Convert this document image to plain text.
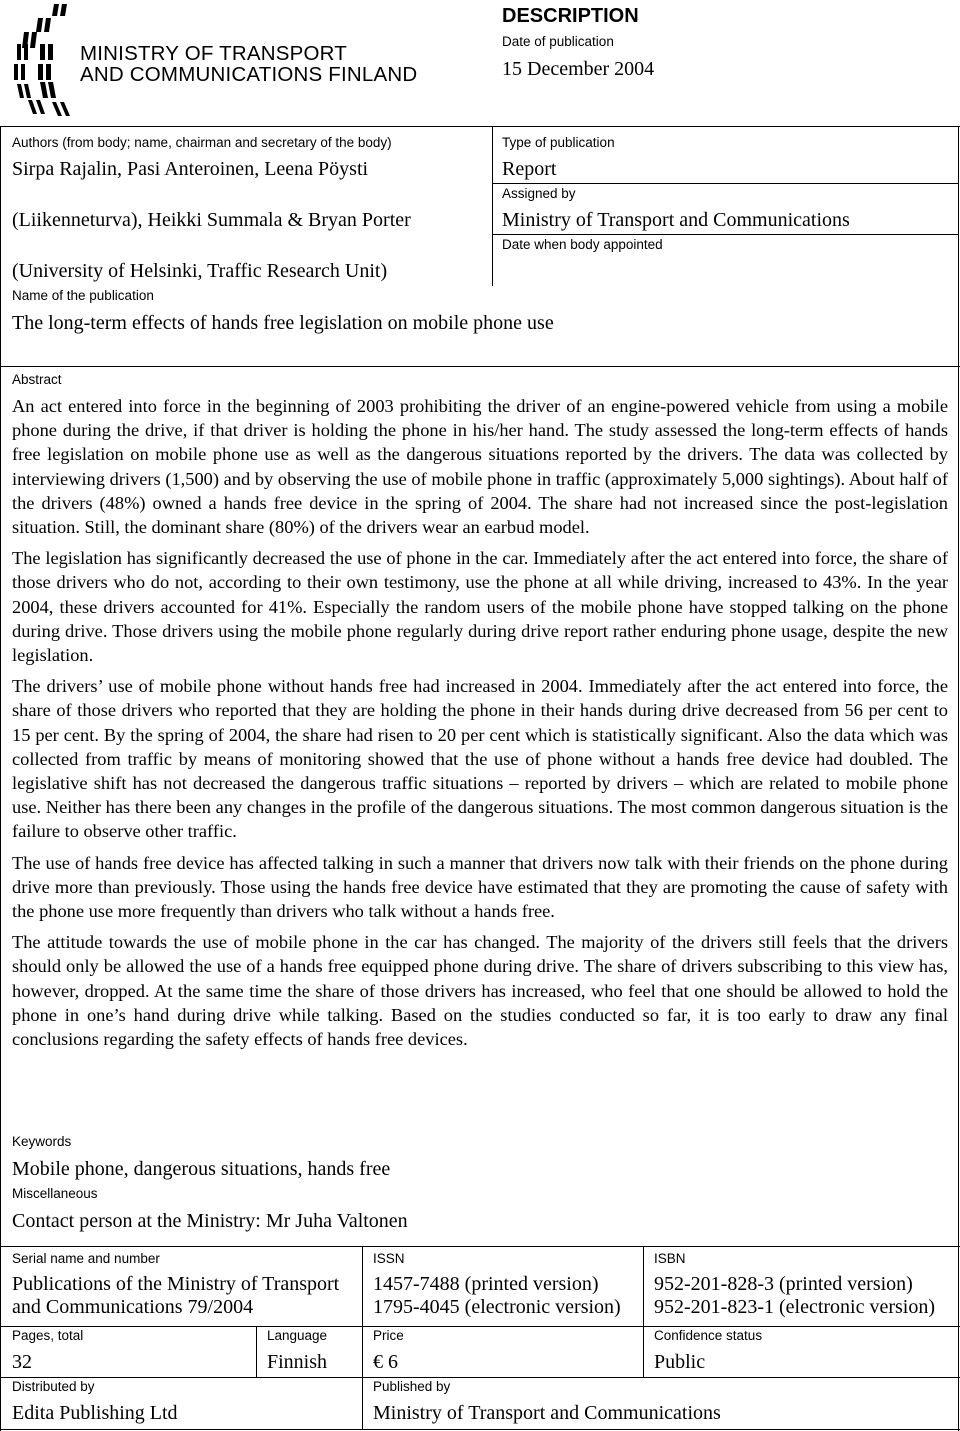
MINISTRY OF TRANSPORT
AND COMMUNICATIONS FINLAND
DESCRIPTION
Date of publication
15 December 2004
Authors (from body; name, chairman and secretary of the body)
Sirpa Rajalin, Pasi Anteroinen, Leena Pöysti
(Liikenneturva), Heikki Summala & Bryan Porter
(University of Helsinki, Traffic Research Unit)
Type of publication
Report
Assigned by
Ministry of Transport and Communications
Date when body appointed
Name of the publication
The long-term effects of hands free legislation on mobile phone use
Abstract

An act entered into force in the beginning of 2003 prohibiting the driver of an engine-powered vehicle from using a mobile phone during the drive, if that driver is holding the phone in his/her hand. The study assessed the long-term effects of hands free legislation on mobile phone use as well as the dangerous situations reported by the drivers. The data was collected by interviewing drivers (1,500) and by observing the use of mobile phone in traffic (approximately 5,000 sightings). About half of the drivers (48%) owned a hands free device in the spring of 2004. The share had not increased since the post-legislation situation. Still, the dominant share (80%) of the drivers wear an earbud model.

The legislation has significantly decreased the use of phone in the car. Immediately after the act entered into force, the share of those drivers who do not, according to their own testimony, use the phone at all while driving, increased to 43%. In the year 2004, these drivers accounted for 41%. Especially the random users of the mobile phone have stopped talking on the phone during drive. Those drivers using the mobile phone regularly during drive report rather enduring phone usage, despite the new legislation.

The drivers’ use of mobile phone without hands free had increased in 2004. Immediately after the act entered into force, the share of those drivers who reported that they are holding the phone in their hands during drive decreased from 56 per cent to 15 per cent. By the spring of 2004, the share had risen to 20 per cent which is statistically significant. Also the data which was collected from traffic by means of monitoring showed that the use of phone without a hands free device had doubled. The legislative shift has not decreased the dangerous traffic situations – reported by drivers – which are related to mobile phone use. Neither has there been any changes in the profile of the dangerous situations. The most common dangerous situation is the failure to observe other traffic.

The use of hands free device has affected talking in such a manner that drivers now talk with their friends on the phone during drive more than previously. Those using the hands free device have estimated that they are promoting the cause of safety with the phone use more frequently than drivers who talk without a hands free.

The attitude towards the use of mobile phone in the car has changed. The majority of the drivers still feels that the drivers should only be allowed the use of a hands free equipped phone during drive. The share of drivers subscribing to this view has, however, dropped. At the same time the share of those drivers has increased, who feel that one should be allowed to hold the phone in one’s hand during drive while talking. Based on the studies conducted so far, it is too early to draw any final conclusions regarding the safety effects of hands free devices.

Keywords
Mobile phone, dangerous situations, hands free
Miscellaneous
Contact person at the Ministry: Mr Juha Valtonen
Serial name and number
Publications of the Ministry of Transport
and Communications 79/2004
ISSN
1457-7488 (printed version)
1795-4045 (electronic version)
ISBN
952-201-828-3 (printed version)
952-201-823-1 (electronic version)
Pages, total
32
Language
Finnish
Price
€ 6
Confidence status
Public
Distributed by
Edita Publishing Ltd
Published by
Ministry of Transport and Communications
